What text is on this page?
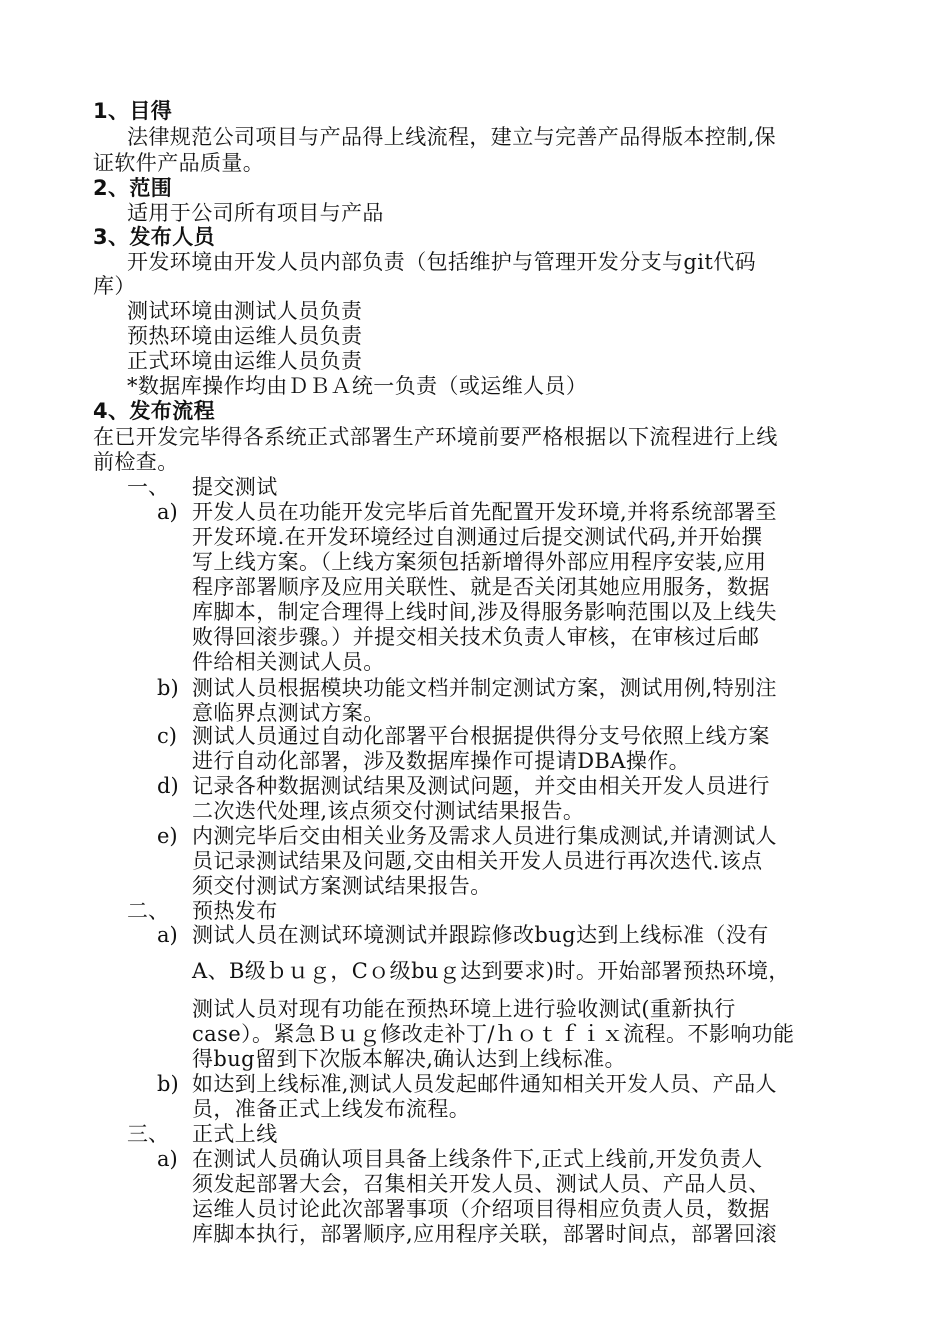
1、目得
法律规范公司项目与产品得上线流程，建立与完善产品得版本控制,保
证软件产品质量。
2、范围
适用于公司所有项目与产品
3、发布人员
开发环境由开发人员内部负责（包括维护与管理开发分支与git代码
库）
测试环境由测试人员负责
预热环境由运维人员负责
正式环境由运维人员负责
*数据库操作均由ＤＢＡ统一负责（或运维人员）
4、发布流程
在已开发完毕得各系统正式部署生产环境前要严格根据以下流程进行上线
前检查。
一、 提交测试
a) 开发人员在功能开发完毕后首先配置开发环境,并将系统部署至
开发环境.在开发环境经过自测通过后提交测试代码,并开始撰
写上线方案。（上线方案须包括新增得外部应用程序安装,应用
程序部署顺序及应用关联性、就是否关闭其她应用服务，数据
库脚本，制定合理得上线时间,涉及得服务影响范围以及上线失
败得回滚步骤。）并提交相关技术负责人审核，在审核过后邮
件给相关测试人员。
b) 测试人员根据模块功能文档并制定测试方案，测试用例,特别注
意临界点测试方案。
c) 测试人员通过自动化部署平台根据提供得分支号依照上线方案
进行自动化部署，涉及数据库操作可提请DBA操作。
d) 记录各种数据测试结果及测试问题，并交由相关开发人员进行
二次迭代处理,该点须交付测试结果报告。
e) 内测完毕后交由相关业务及需求人员进行集成测试,并请测试人
员记录测试结果及问题,交由相关开发人员进行再次迭代.该点
须交付测试方案测试结果报告。
二、 预热发布
a) 测试人员在测试环境测试并跟踪修改bug达到上线标准（没有
A、B级ｂｕｇ，Cｏ级buｇ达到要求)时。开始部署预热环境，
测试人员对现有功能在预热环境上进行验收测试(重新执行
case）。紧急Ｂｕｇ修改走补丁/ｈｏｔｆｉｘ流程。不影响功能
得bug留到下次版本解决,确认达到上线标准。
b) 如达到上线标准,测试人员发起邮件通知相关开发人员、产品人
员，准备正式上线发布流程。
三、 正式上线
a) 在测试人员确认项目具备上线条件下,正式上线前,开发负责人
须发起部署大会，召集相关开发人员、测试人员、产品人员、
运维人员讨论此次部署事项（介绍项目得相应负责人员，数据
库脚本执行，部署顺序,应用程序关联，部署时间点，部署回滚
